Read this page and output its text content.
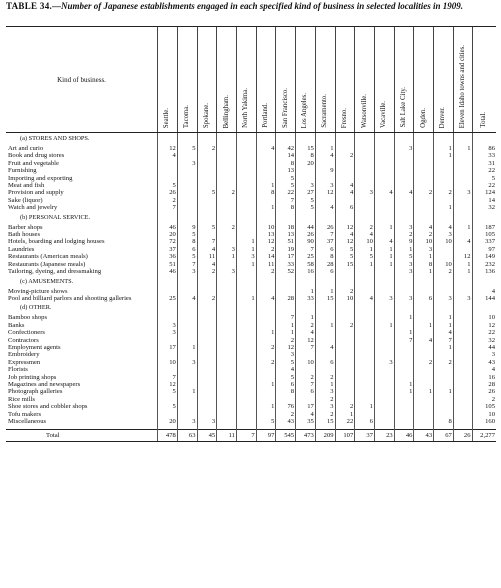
TABLE 34.—Number of Japanese establishments engaged in each specified kind of business in selected localities in 1909.
Kind of business.	Seattle.	Tacoma.	Spokane.	Bellingham.	North Yakima.	Portland.	San Francisco.	Los Angeles.	Sacramento.	Fresno.	Watsonville.	Vacaville.	Salt Lake City.	Ogden.	Denver.	Eleven Idaho towns and cities.	Total.

(a) STORES AND SHOPS.																	
Art and curio	12	5	2			4	42	15	1				3		1	1	86
Book and drug stores	4						14	8	4	2					1		33
Fruit and vegetable		3					8	20									31
Furnishing							13		9								22
Importing and exporting							5										5
Meat and fish	5					1	5	3	3	4							22
Provision and supply	26		5	2		8	22	27	12	4	3	4	4	2	2	3	124
Sake (liquor)	2						7	5									14
Watch and jewelry	7					1	8	5	4	6					1		32
(b) PERSONAL SERVICE.																	
Barber shops	46	9	5	2		10	18	44	26	12	2	1	3	4	4	1	187
Bath houses	20	5				13	13	26	7	4	4		2	2	3		105
Hotels, boarding and lodging houses	72	8	7		1	12	51	90	37	12	10	4	9	10	10	4	337
Laundries	37	6	4	3	1	2	19	7	6	5	1	1	1	3			97
Restaurants (American meals)	36	5	11	1	3	14	17	25	8	5	5	1	5	1		12	149
Restaurants (Japanese meals)	51	7	4		1	11	33	58	28	15	1	1	3	8	10	1	232
Tailoring, dyeing, and dressmaking	46	3	2	3		2	52	16	6				3	1	2	1	136
(c) AMUSEMENTS.																	
Moving-picture shows								1	1	2							4
Pool and billiard parlors and shooting galleries	25	4	2		1	4	28	33	15	10	4	3	3	6	3	3	144
(d) OTHER.																	
Bamboo shops							7	1					1		1		10
Banks	3						1	2	1	2		1		1	1		12
Confectioners	3					1	1	4					1		4		22
Contractors							2	12					7	4	7		32
Employment agents	17	1				2	12	7	4						1		44
Embroidery							3										3
Expressmen	10	3				2	5	10	6			3		2	2		43
Florists							4										4
Job printing shops	7						5	2	2								16
Magazines and newspapers	12					1	6	7	1				1				28
Photograph galleries	5	1					8	6	3				1	1	1		26
Rice mills									2								2
Shoe stores and cobbler shops	5					1	76	17	3	2	1						105
Tofu makers							2	4	2	1							10
Miscellaneous	20	3	3			5	43	35	15	22	6				8		160

Total	478	63	45	11	7	97	545	473	209	107	37	23	46	43	67	26	2,277
